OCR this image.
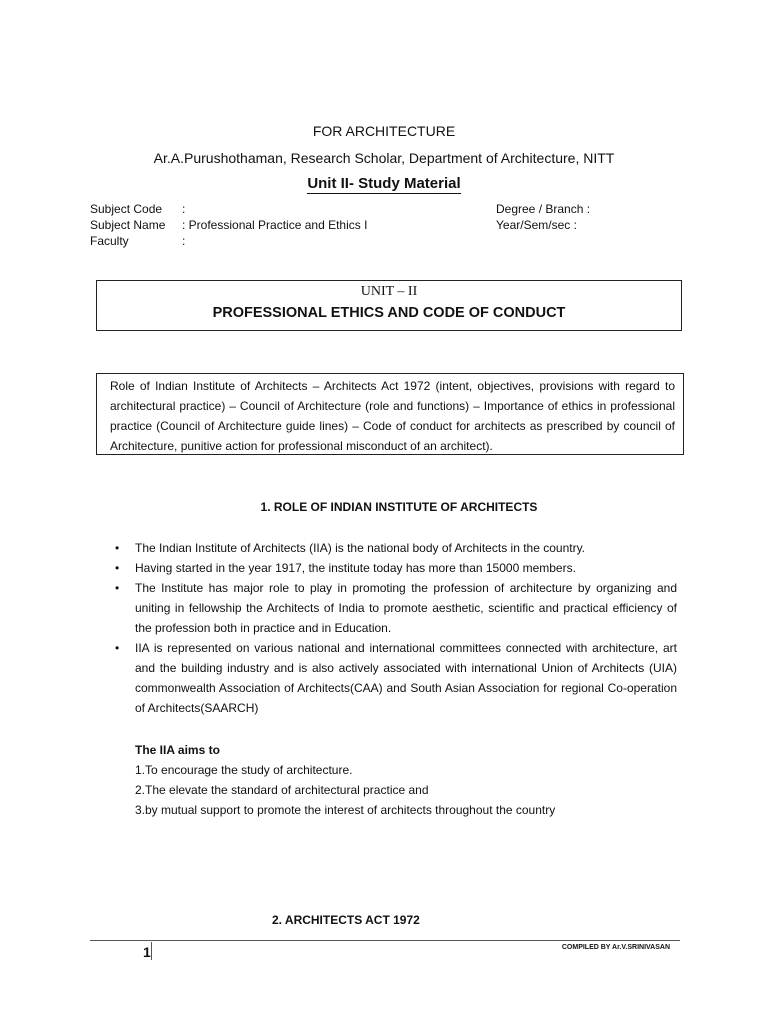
FOR ARCHITECTURE
Ar.A.Purushothaman, Research Scholar, Department of Architecture, NITT
Unit II- Study Material
Subject Code :
Subject Name : Professional Practice and Ethics I
Faculty	:
Degree / Branch :
Year/Sem/sec :
UNIT – II
PROFESSIONAL ETHICS AND CODE OF CONDUCT
Role of Indian Institute of Architects – Architects Act 1972 (intent, objectives, provisions with regard to architectural practice) – Council of Architecture (role and functions) – Importance of ethics in professional practice (Council of Architecture guide lines) – Code of conduct for architects as prescribed by council of Architecture, punitive action for professional misconduct of an architect).
1. ROLE OF INDIAN INSTITUTE OF ARCHITECTS
• The Indian Institute of Architects (IIA) is the national body of Architects in the country.
• Having started in the year 1917, the institute today has more than 15000 members.
• The Institute has major role to play in promoting the profession of architecture by organizing and uniting in fellowship the Architects of India to promote aesthetic, scientific and practical efficiency of the profession both in practice and in Education.
• IIA is represented on various national and international committees connected with architecture, art and the building industry and is also actively associated with international Union of Architects (UIA) commonwealth Association of Architects(CAA) and South Asian Association for regional Co-operation of Architects(SAARCH)
The IIA aims to
1.To encourage the study of architecture.
2.The elevate the standard of architectural practice and
3.by mutual support to promote the interest of architects throughout the country
2. ARCHITECTS ACT 1972
1	COMPILED BY Ar.V.SRINIVASAN
